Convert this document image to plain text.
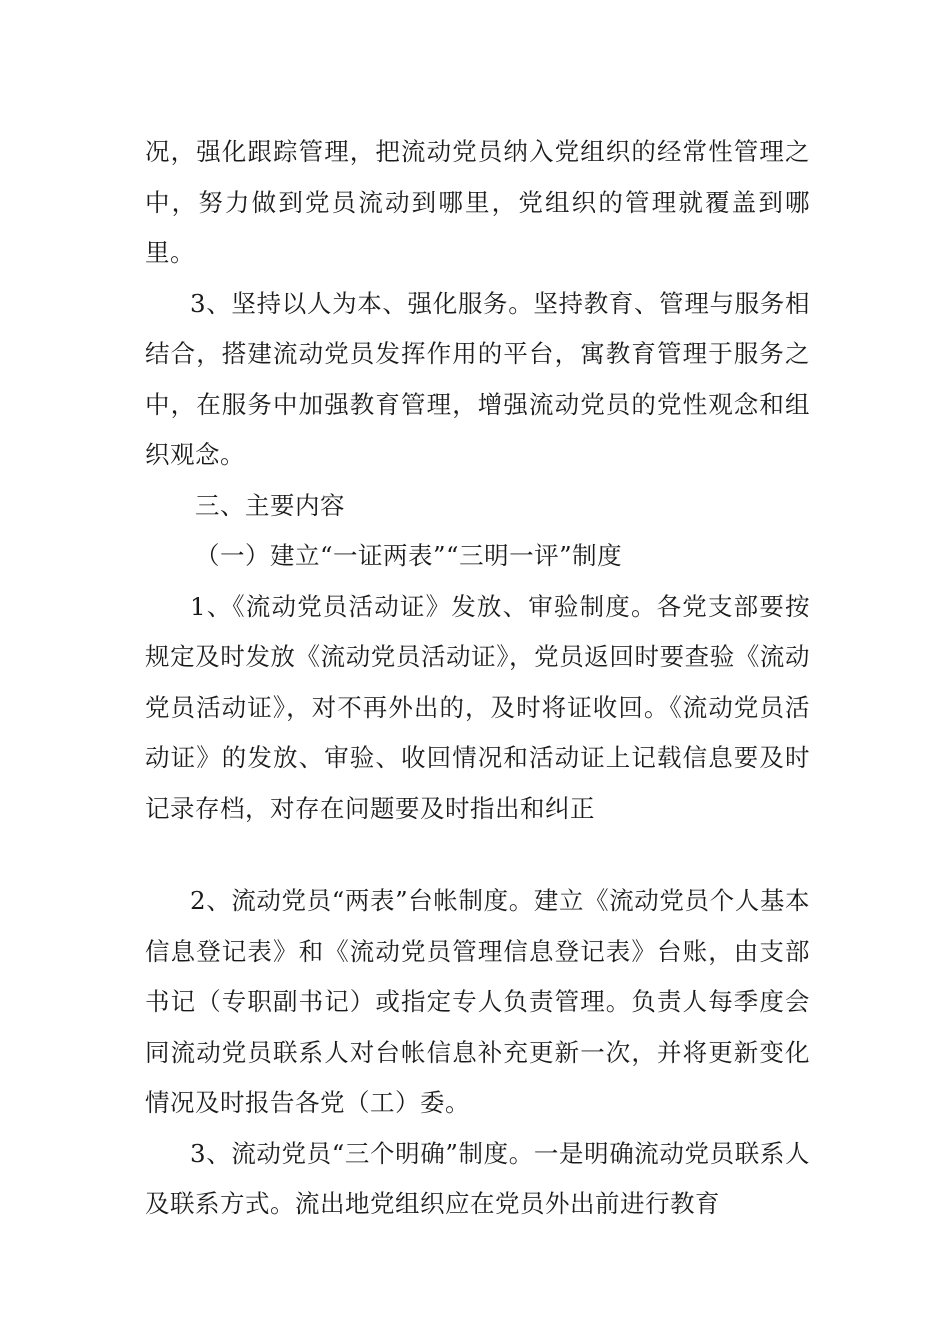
况，强化跟踪管理，把流动党员纳入党组织的经常性管理之中，努力做到党员流动到哪里，党组织的管理就覆盖到哪里。

3、坚持以人为本、强化服务。坚持教育、管理与服务相结合，搭建流动党员发挥作用的平台，寓教育管理于服务之中，在服务中加强教育管理，增强流动党员的党性观念和组织观念。

三、主要内容

（一）建立“一证两表”“三明一评”制度

1、《流动党员活动证》发放、审验制度。各党支部要按规定及时发放《流动党员活动证》，党员返回时要查验《流动党员活动证》，对不再外出的，及时将证收回。《流动党员活动证》的发放、审验、收回情况和活动证上记载信息要及时记录存档，对存在问题要及时指出和纠正

2、流动党员“两表”台帐制度。建立《流动党员个人基本信息登记表》和《流动党员管理信息登记表》台账，由支部书记（专职副书记）或指定专人负责管理。负责人每季度会同流动党员联系人对台帐信息补充更新一次，并将更新变化情况及时报告各党（工）委。

3、流动党员“三个明确”制度。一是明确流动党员联系人及联系方式。流出地党组织应在党员外出前进行教育
